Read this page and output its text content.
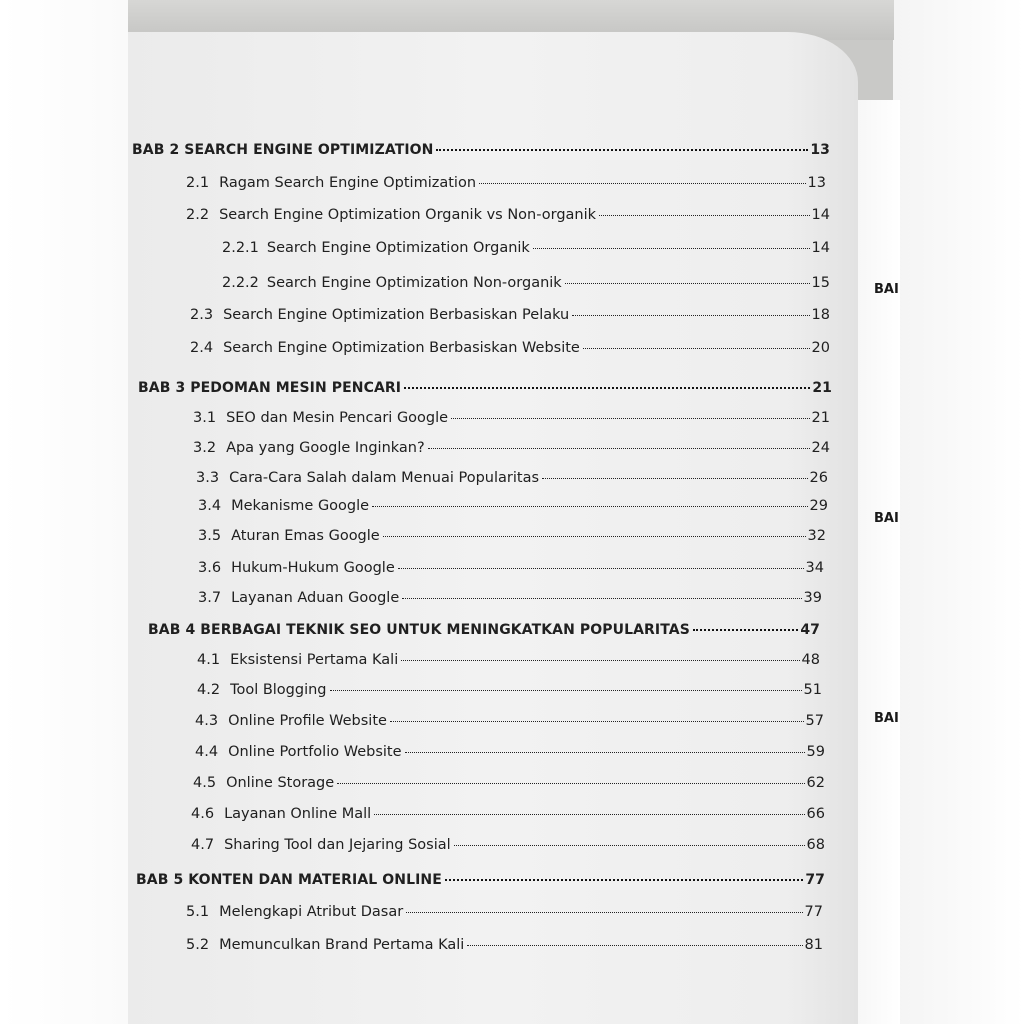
BAI
BAI
BAI
BAB 2 SEARCH ENGINE OPTIMIZATION	13
2.1 Ragam Search Engine Optimization	13
2.2 Search Engine Optimization Organik vs Non-organik	14
2.2.1 Search Engine Optimization Organik	14
2.2.2 Search Engine Optimization Non-organik	15
2.3 Search Engine Optimization Berbasiskan Pelaku	18
2.4 Search Engine Optimization Berbasiskan Website	20
BAB 3 PEDOMAN MESIN PENCARI	21
3.1 SEO dan Mesin Pencari Google	21
3.2 Apa yang Google Inginkan?	24
3.3 Cara-Cara Salah dalam Menuai Popularitas	26
3.4 Mekanisme Google	29
3.5 Aturan Emas Google	32
3.6 Hukum-Hukum Google	34
3.7 Layanan Aduan Google	39
BAB 4 BERBAGAI TEKNIK SEO UNTUK MENINGKATKAN POPULARITAS	47
4.1 Eksistensi Pertama Kali	48
4.2 Tool Blogging	51
4.3 Online Profile Website	57
4.4 Online Portfolio Website	59
4.5 Online Storage	62
4.6 Layanan Online Mall	66
4.7 Sharing Tool dan Jejaring Sosial	68
BAB 5 KONTEN DAN MATERIAL ONLINE	77
5.1 Melengkapi Atribut Dasar	77
5.2 Memunculkan Brand Pertama Kali	81
